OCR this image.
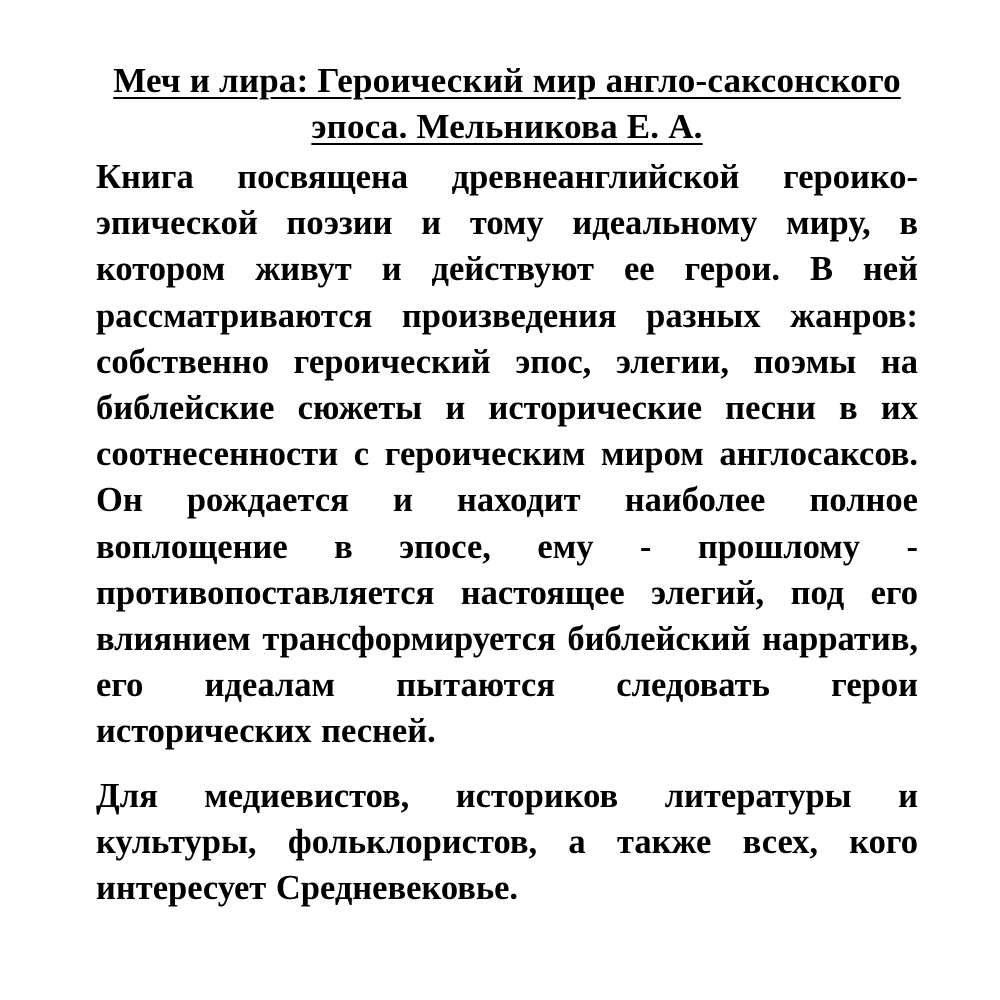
Меч и лира: Героический мир англо-саксонского эпоса. Мельникова Е. А.

Книга посвящена древнеанглийской героико-эпической поэзии и тому идеальному миру, в котором живут и действуют ее герои. В ней рассматриваются произведения разных жанров: собственно героический эпос, элегии, поэмы на библейские сюжеты и исторические песни в их соотнесенности с героическим миром англосаксов. Он рождается и находит наиболее полное воплощение в эпосе, ему - прошлому - противопоставляется настоящее элегий, под его влиянием трансформируется библейский нарратив, его идеалам пытаются следовать герои исторических песней.

Для медиевистов, историков литературы и культуры, фольклористов, а также всех, кого интересует Средневековье.
